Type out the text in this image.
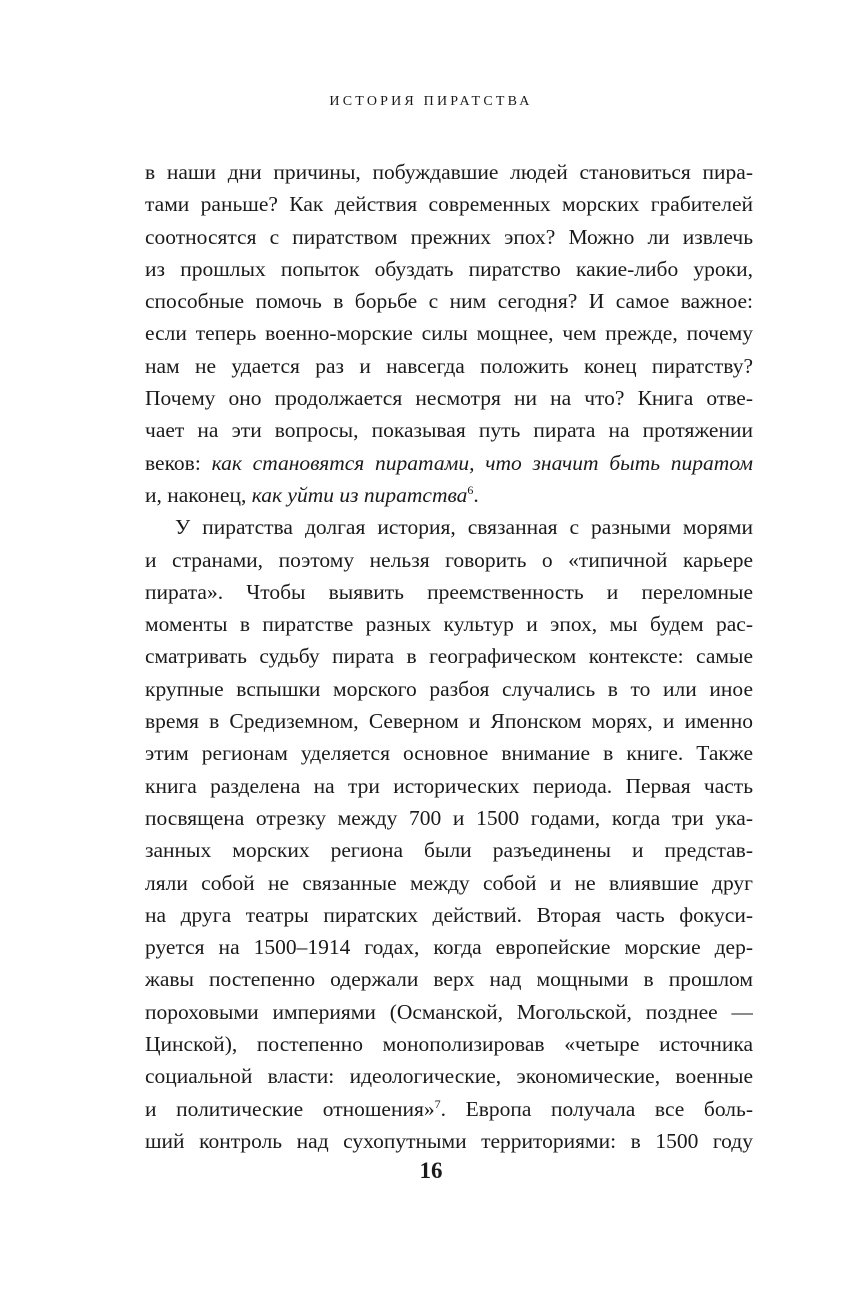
ИСТОРИЯ ПИРАТСТВА
в наши дни причины, побуждавшие людей становиться пира-
тами раньше? Как действия современных морских грабителей
соотносятся с пиратством прежних эпох? Можно ли извлечь
из прошлых попыток обуздать пиратство какие-либо уроки,
способные помочь в борьбе с ним сегодня? И самое важное:
если теперь военно-морские силы мощнее, чем прежде, почему
нам не удается раз и навсегда положить конец пиратству?
Почему оно продолжается несмотря ни на что? Книга отве-
чает на эти вопросы, показывая путь пирата на протяжении
веков: как становятся пиратами, что значит быть пиратом
и, наконец, как уйти из пиратства$^6$.
У пиратства долгая история, связанная с разными морями
и странами, поэтому нельзя говорить о «типичной карьере
пирата». Чтобы выявить преемственность и переломные
моменты в пиратстве разных культур и эпох, мы будем рас-
сматривать судьбу пирата в географическом контексте: самые
крупные вспышки морского разбоя случались в то или иное
время в Средиземном, Северном и Японском морях, и именно
этим регионам уделяется основное внимание в книге. Также
книга разделена на три исторических периода. Первая часть
посвящена отрезку между 700 и 1500 годами, когда три ука-
занных морских региона были разъединены и представ-
ляли собой не связанные между собой и не влиявшие друг
на друга театры пиратских действий. Вторая часть фокуси-
руется на 1500–1914 годах, когда европейские морские дер-
жавы постепенно одержали верх над мощными в прошлом
пороховыми империями (Османской, Могольской, позднее —
Цинской), постепенно монополизировав «четыре источника
социальной власти: идеологические, экономические, военные
и политические отношения»$^7$. Европа получала все боль-
ший контроль над сухопутными территориями: в 1500 году
16
